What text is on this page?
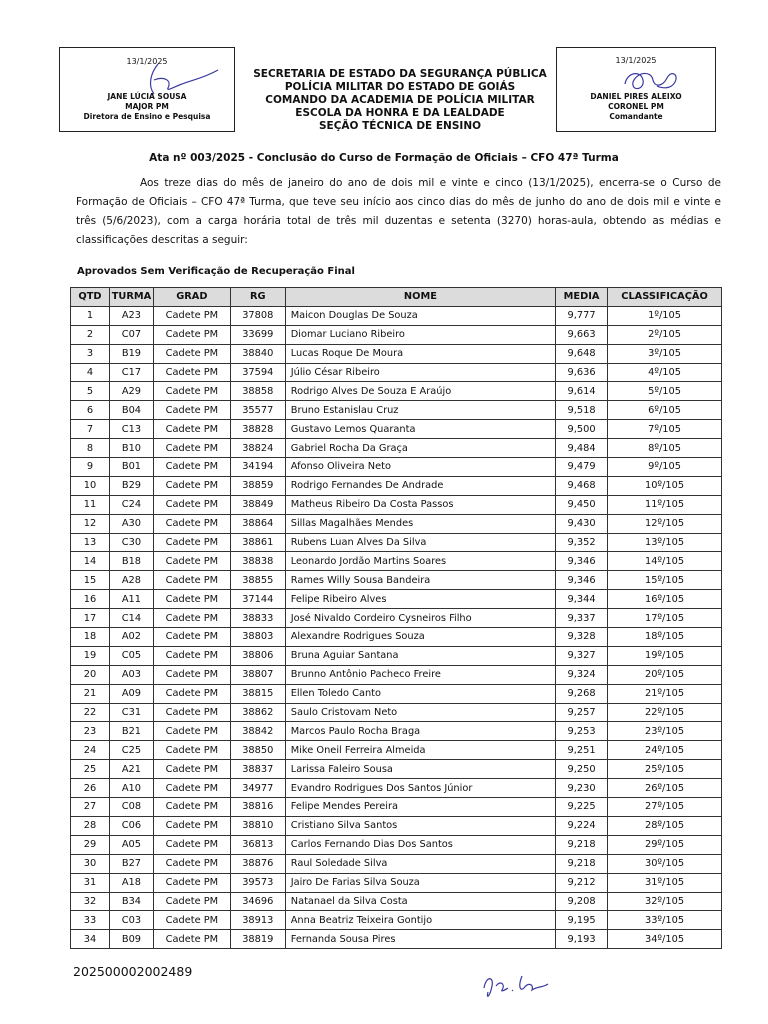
13/1/2025
JANE LÚCIA SOUSA
MAJOR PM
Diretora de Ensino e Pesquisa
SECRETARIA DE ESTADO DA SEGURANÇA PÚBLICA
POLÍCIA MILITAR DO ESTADO DE GOIÁS
COMANDO DA ACADEMIA DE POLÍCIA MILITAR
ESCOLA DA HONRA E DA LEALDADE
SEÇÃO TÉCNICA DE ENSINO
13/1/2025
DANIEL PIRES ALEIXO
CORONEL PM
Comandante
Ata nº 003/2025 - Conclusão do Curso de Formação de Oficiais – CFO 47ª Turma
Aos treze dias do mês de janeiro do ano de dois mil e vinte e cinco (13/1/2025), encerra-se o Curso de Formação de Oficiais – CFO 47ª Turma, que teve seu início aos cinco dias do mês de junho do ano de dois mil e vinte e três (5/6/2023), com a carga horária total de três mil duzentas e setenta (3270) horas-aula, obtendo as médias e classificações descritas a seguir:
Aprovados Sem Verificação de Recuperação Final
QTD	TURMA	GRAD	RG	NOME	MEDIA	CLASSIFICAÇÃO
1	A23	Cadete PM	37808	Maicon Douglas De Souza	9,777	1º/105
2	C07	Cadete PM	33699	Diomar Luciano Ribeiro	9,663	2º/105
3	B19	Cadete PM	38840	Lucas Roque De Moura	9,648	3º/105
4	C17	Cadete PM	37594	Júlio César Ribeiro	9,636	4º/105
5	A29	Cadete PM	38858	Rodrigo Alves De Souza E Araújo	9,614	5º/105
6	B04	Cadete PM	35577	Bruno Estanislau Cruz	9,518	6º/105
7	C13	Cadete PM	38828	Gustavo Lemos Quaranta	9,500	7º/105
8	B10	Cadete PM	38824	Gabriel Rocha Da Graça	9,484	8º/105
9	B01	Cadete PM	34194	Afonso Oliveira Neto	9,479	9º/105
10	B29	Cadete PM	38859	Rodrigo Fernandes De Andrade	9,468	10º/105
11	C24	Cadete PM	38849	Matheus Ribeiro Da Costa Passos	9,450	11º/105
12	A30	Cadete PM	38864	Sillas Magalhães Mendes	9,430	12º/105
13	C30	Cadete PM	38861	Rubens Luan Alves Da Silva	9,352	13º/105
14	B18	Cadete PM	38838	Leonardo Jordão Martins Soares	9,346	14º/105
15	A28	Cadete PM	38855	Rames Willy Sousa Bandeira	9,346	15º/105
16	A11	Cadete PM	37144	Felipe Ribeiro Alves	9,344	16º/105
17	C14	Cadete PM	38833	José Nivaldo Cordeiro Cysneiros Filho	9,337	17º/105
18	A02	Cadete PM	38803	Alexandre Rodrigues Souza	9,328	18º/105
19	C05	Cadete PM	38806	Bruna Aguiar Santana	9,327	19º/105
20	A03	Cadete PM	38807	Brunno Antônio Pacheco Freire	9,324	20º/105
21	A09	Cadete PM	38815	Ellen Toledo Canto	9,268	21º/105
22	C31	Cadete PM	38862	Saulo Cristovam Neto	9,257	22º/105
23	B21	Cadete PM	38842	Marcos Paulo Rocha Braga	9,253	23º/105
24	C25	Cadete PM	38850	Mike Oneil Ferreira Almeida	9,251	24º/105
25	A21	Cadete PM	38837	Larissa Faleiro Sousa	9,250	25º/105
26	A10	Cadete PM	34977	Evandro Rodrigues Dos Santos Júnior	9,230	26º/105
27	C08	Cadete PM	38816	Felipe Mendes Pereira	9,225	27º/105
28	C06	Cadete PM	38810	Cristiano Silva Santos	9,224	28º/105
29	A05	Cadete PM	36813	Carlos Fernando Dias Dos Santos	9,218	29º/105
30	B27	Cadete PM	38876	Raul Soledade Silva	9,218	30º/105
31	A18	Cadete PM	39573	Jairo De Farias Silva Souza	9,212	31º/105
32	B34	Cadete PM	34696	Natanael da Silva Costa	9,208	32º/105
33	C03	Cadete PM	38913	Anna Beatriz Teixeira Gontijo	9,195	33º/105
34	B09	Cadete PM	38819	Fernanda Sousa Pires	9,193	34º/105
202500002002489
